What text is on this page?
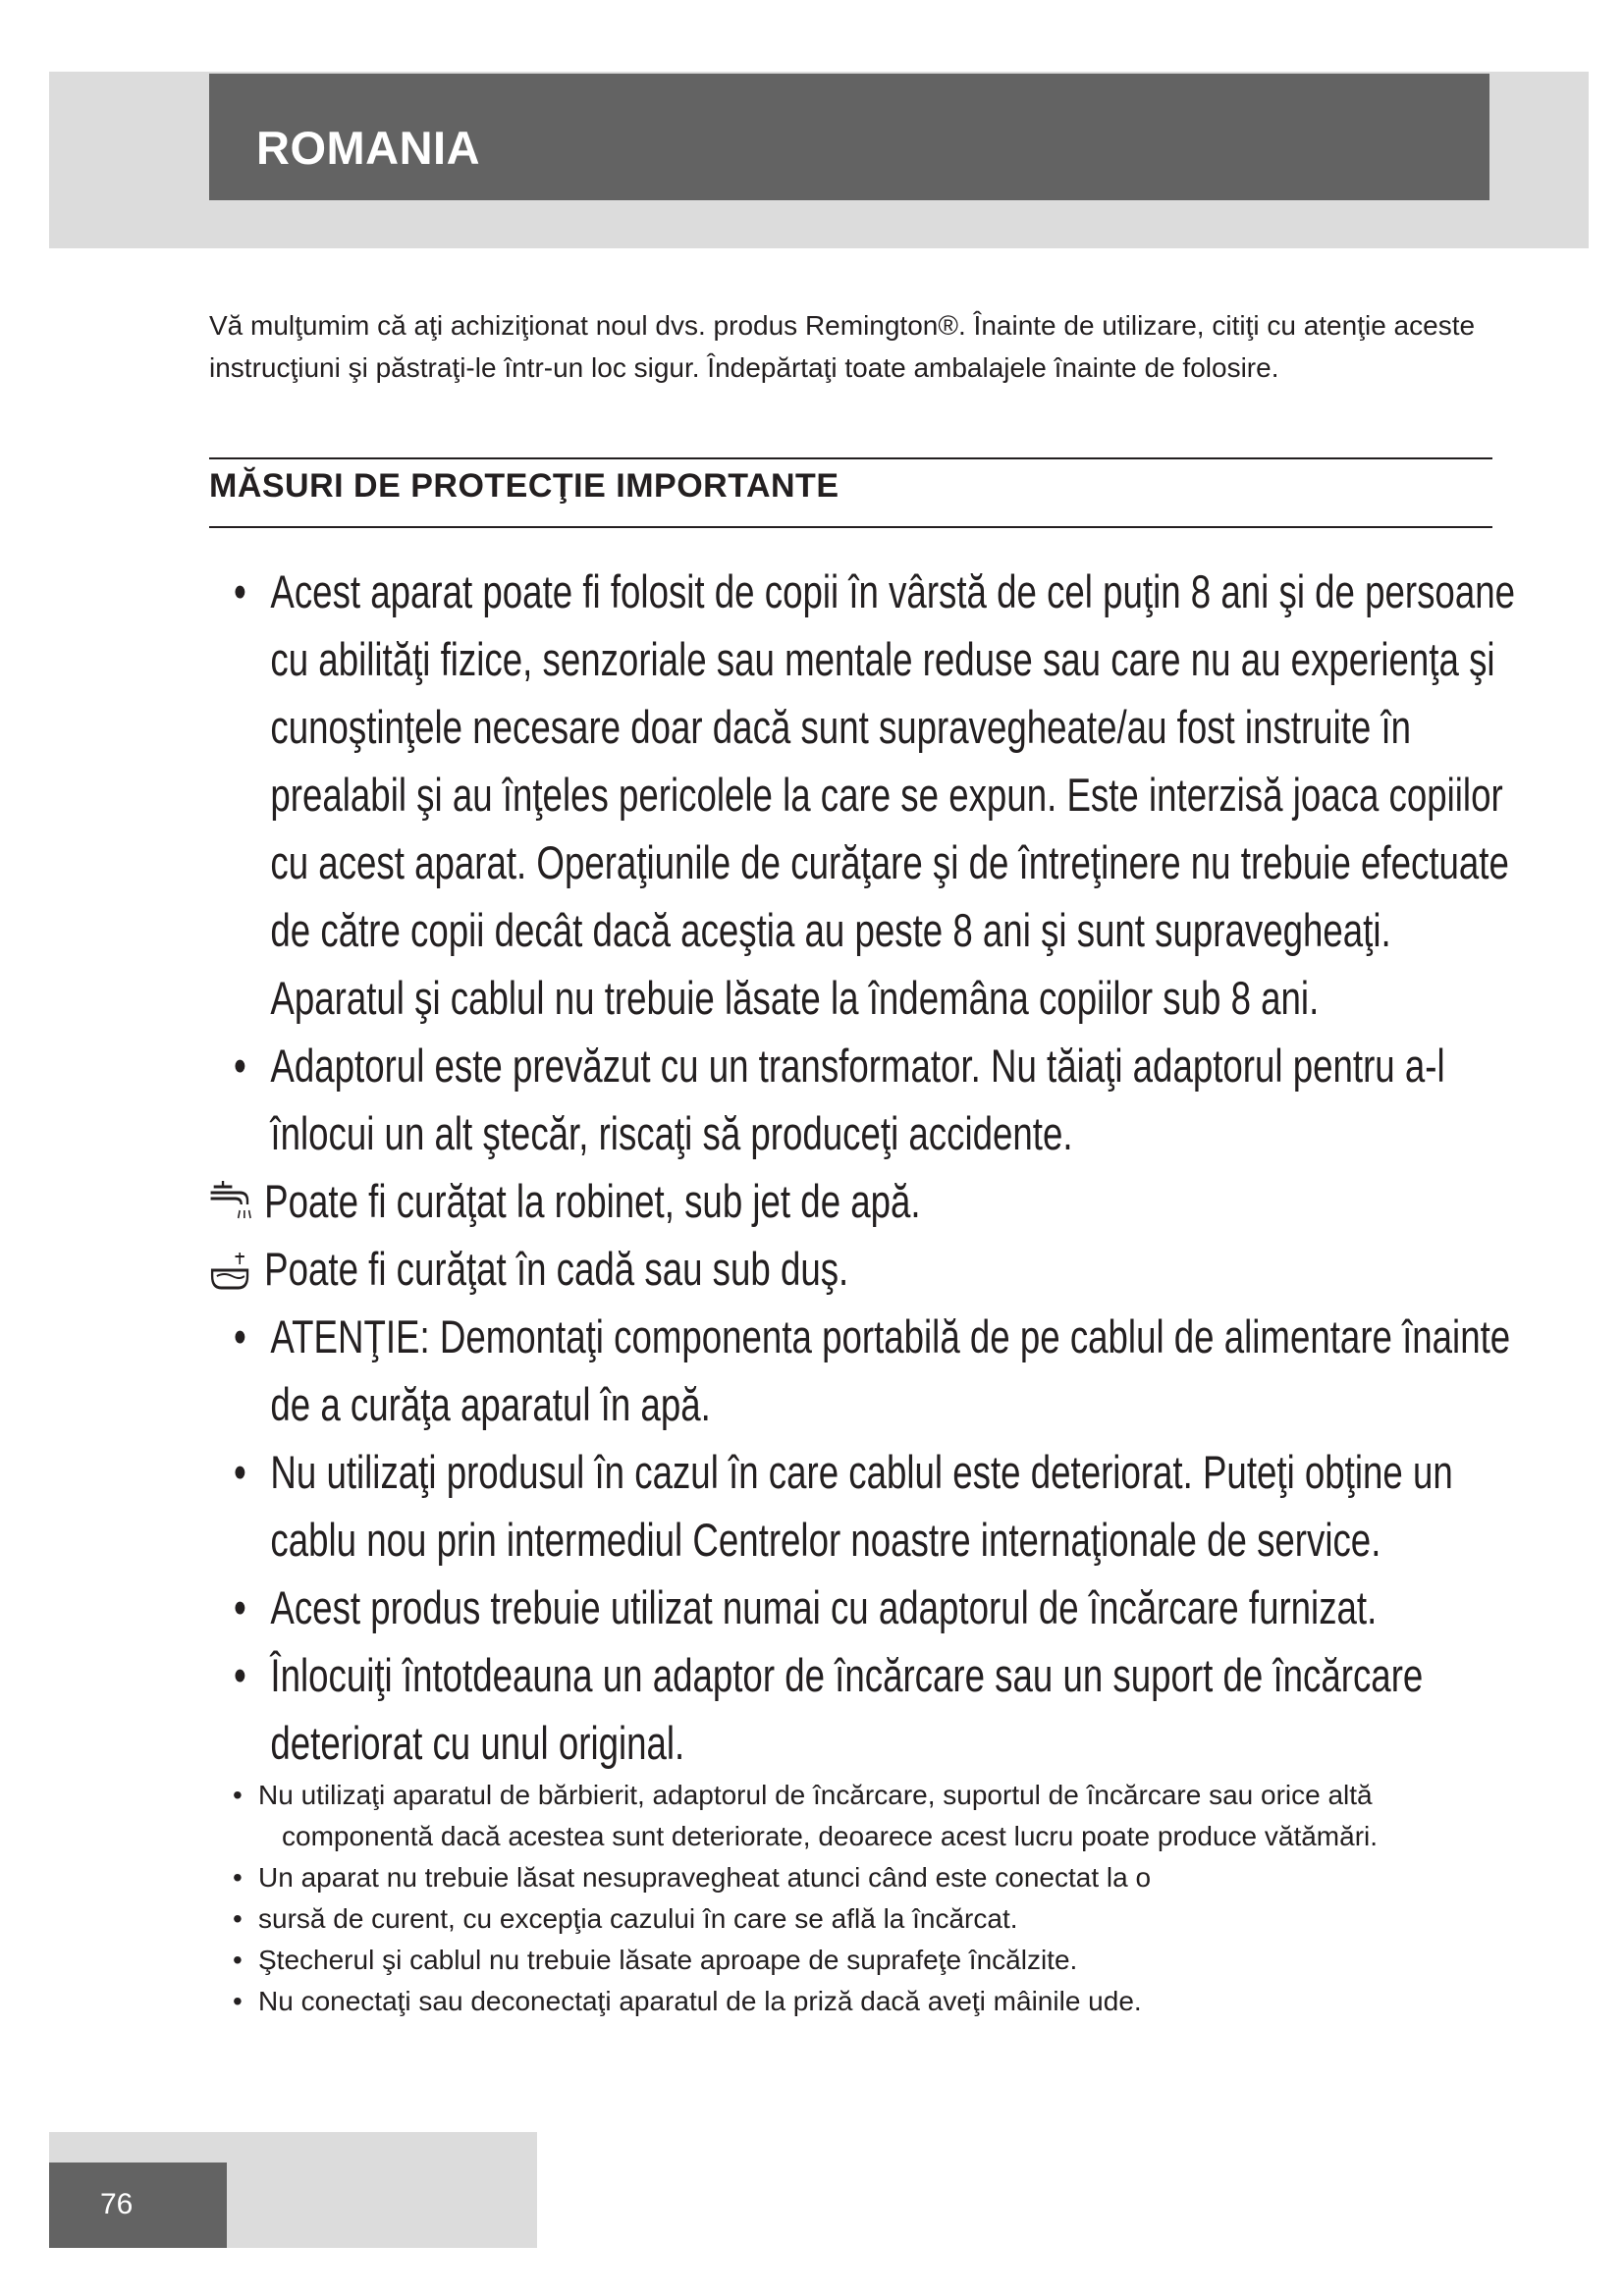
ROMANIA
Vă mulţumim că aţi achiziţionat noul dvs. produs Remington®. Înainte de utilizare, citiţi cu atenţie aceste instrucţiuni şi păstraţi-le într-un loc sigur. Îndepărtaţi toate ambalajele înainte de folosire.
MĂSURI DE PROTECŢIE IMPORTANTE
• Acest aparat poate fi folosit de copii în vârstă de cel puţin 8 ani şi de persoane cu abilităţi fizice, senzoriale sau mentale reduse sau care nu au experienţa şi cunoştinţele necesare doar dacă sunt supravegheate/au fost instruite în prealabil şi au înţeles pericolele la care se expun. Este interzisă joaca copiilor cu acest aparat. Operaţiunile de curăţare şi de întreţinere nu trebuie efectuate de către copii decât dacă aceştia au peste 8 ani şi sunt supravegheaţi. Aparatul şi cablul nu trebuie lăsate la îndemâna copiilor sub 8 ani.
• Adaptorul este prevăzut cu un transformator. Nu tăiaţi adaptorul pentru a-l înlocui un alt ştecăr, riscaţi să produceţi accidente.
Poate fi curăţat la robinet, sub jet de apă.
Poate fi curăţat în cadă sau sub duş.
• ATENŢIE: Demontaţi componenta portabilă de pe cablul de alimentare înainte de a curăţa aparatul în apă.
• Nu utilizaţi produsul în cazul în care cablul este deteriorat. Puteţi obţine un cablu nou prin intermediul Centrelor noastre internaţionale de service.
• Acest produs trebuie utilizat numai cu adaptorul de încărcare furnizat.
• Înlocuiţi întotdeauna un adaptor de încărcare sau un suport de încărcare deteriorat cu unul original.
• Nu utilizaţi aparatul de bărbierit, adaptorul de încărcare, suportul de încărcare sau orice altă componentă dacă acestea sunt deteriorate, deoarece acest lucru poate produce vătămări.
• Un aparat nu trebuie lăsat nesupravegheat atunci când este conectat la o
• sursă de curent, cu excepţia cazului în care se află la încărcat.
• Ştecherul şi cablul nu trebuie lăsate aproape de suprafeţe încălzite.
• Nu conectaţi sau deconectaţi aparatul de la priză dacă aveţi mâinile ude.
76
